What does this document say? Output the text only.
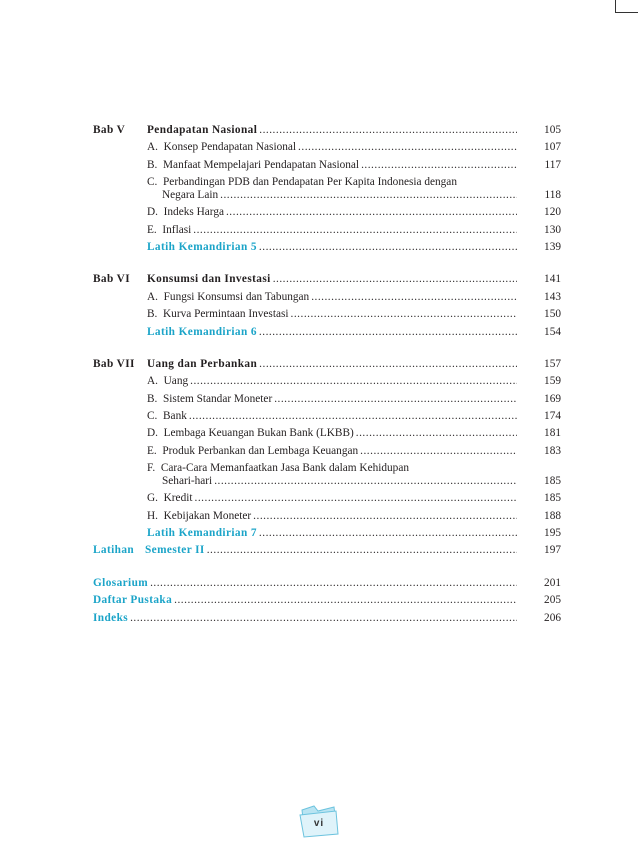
Bab V Pendapatan Nasional .....	105
A. Konsep Pendapatan Nasional .....	107
B. Manfaat Mempelajari Pendapatan Nasional .....	117
C. Perbandingan PDB dan Pendapatan Per Kapita Indonesia dengan
Negara Lain .....	118
D. Indeks Harga .....	120
E. Inflasi .....	130
Latih Kemandirian 5 .....	139
Bab VI Konsumsi dan Investasi .....	141
A. Fungsi Konsumsi dan Tabungan .....	143
B. Kurva Permintaan Investasi .....	150
Latih Kemandirian 6 .....	154
Bab VII Uang dan Perbankan .....	157
A. Uang .....	159
B. Sistem Standar Moneter .....	169
C. Bank .....	174
D. Lembaga Keuangan Bukan Bank (LKBB) .....	181
E. Produk Perbankan dan Lembaga Keuangan .....	183
F. Cara-Cara Memanfaatkan Jasa Bank dalam Kehidupan
Sehari-hari .....	185
G. Kredit .....	185
H. Kebijakan Moneter .....	188
Latih Kemandirian 7 .....	195
Latihan Semester II .....	197
Glosarium .....	201
Daftar Pustaka .....	205
Indeks .....	206
vi
